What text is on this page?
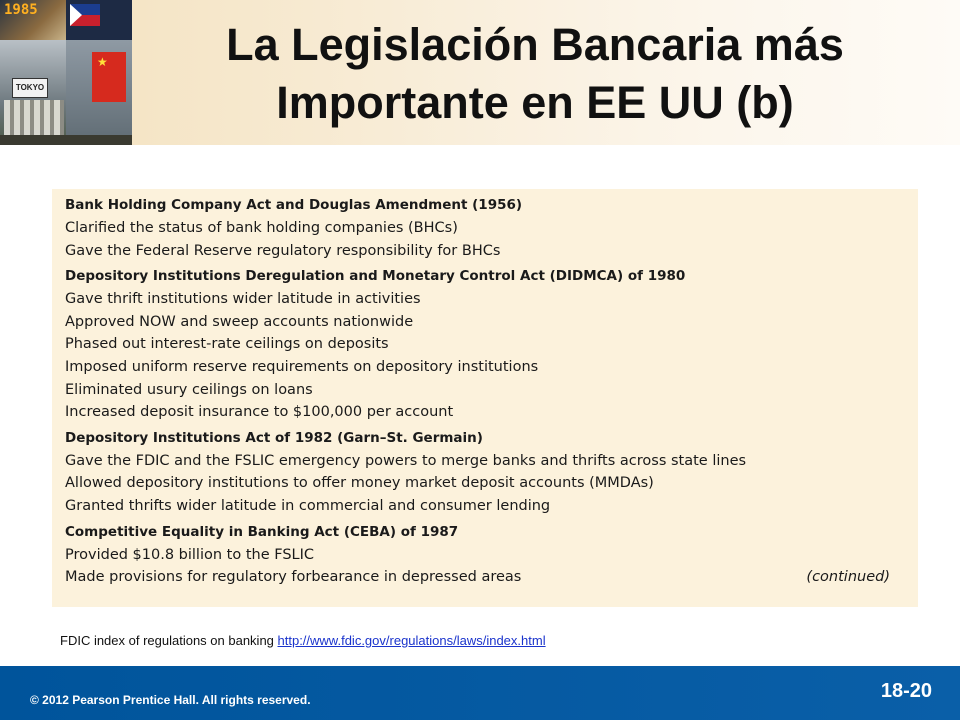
1985
★
TOKYO
La Legislación Bancaria más
Importante en EE UU (b)
Bank Holding Company Act and Douglas Amendment (1956)
Clarified the status of bank holding companies (BHCs)
Gave the Federal Reserve regulatory responsibility for BHCs
Depository Institutions Deregulation and Monetary Control Act (DIDMCA) of 1980
Gave thrift institutions wider latitude in activities
Approved NOW and sweep accounts nationwide
Phased out interest-rate ceilings on deposits
Imposed uniform reserve requirements on depository institutions
Eliminated usury ceilings on loans
Increased deposit insurance to $100,000 per account
Depository Institutions Act of 1982 (Garn–St. Germain)
Gave the FDIC and the FSLIC emergency powers to merge banks and thrifts across state lines
Allowed depository institutions to offer money market deposit accounts (MMDAs)
Granted thrifts wider latitude in commercial and consumer lending
Competitive Equality in Banking Act (CEBA) of 1987
Provided $10.8 billion to the FSLIC
Made provisions for regulatory forbearance in depressed areas	(continued)
FDIC index of regulations on banking http://www.fdic.gov/regulations/laws/index.html
© 2012 Pearson Prentice Hall. All rights reserved.	18-20
